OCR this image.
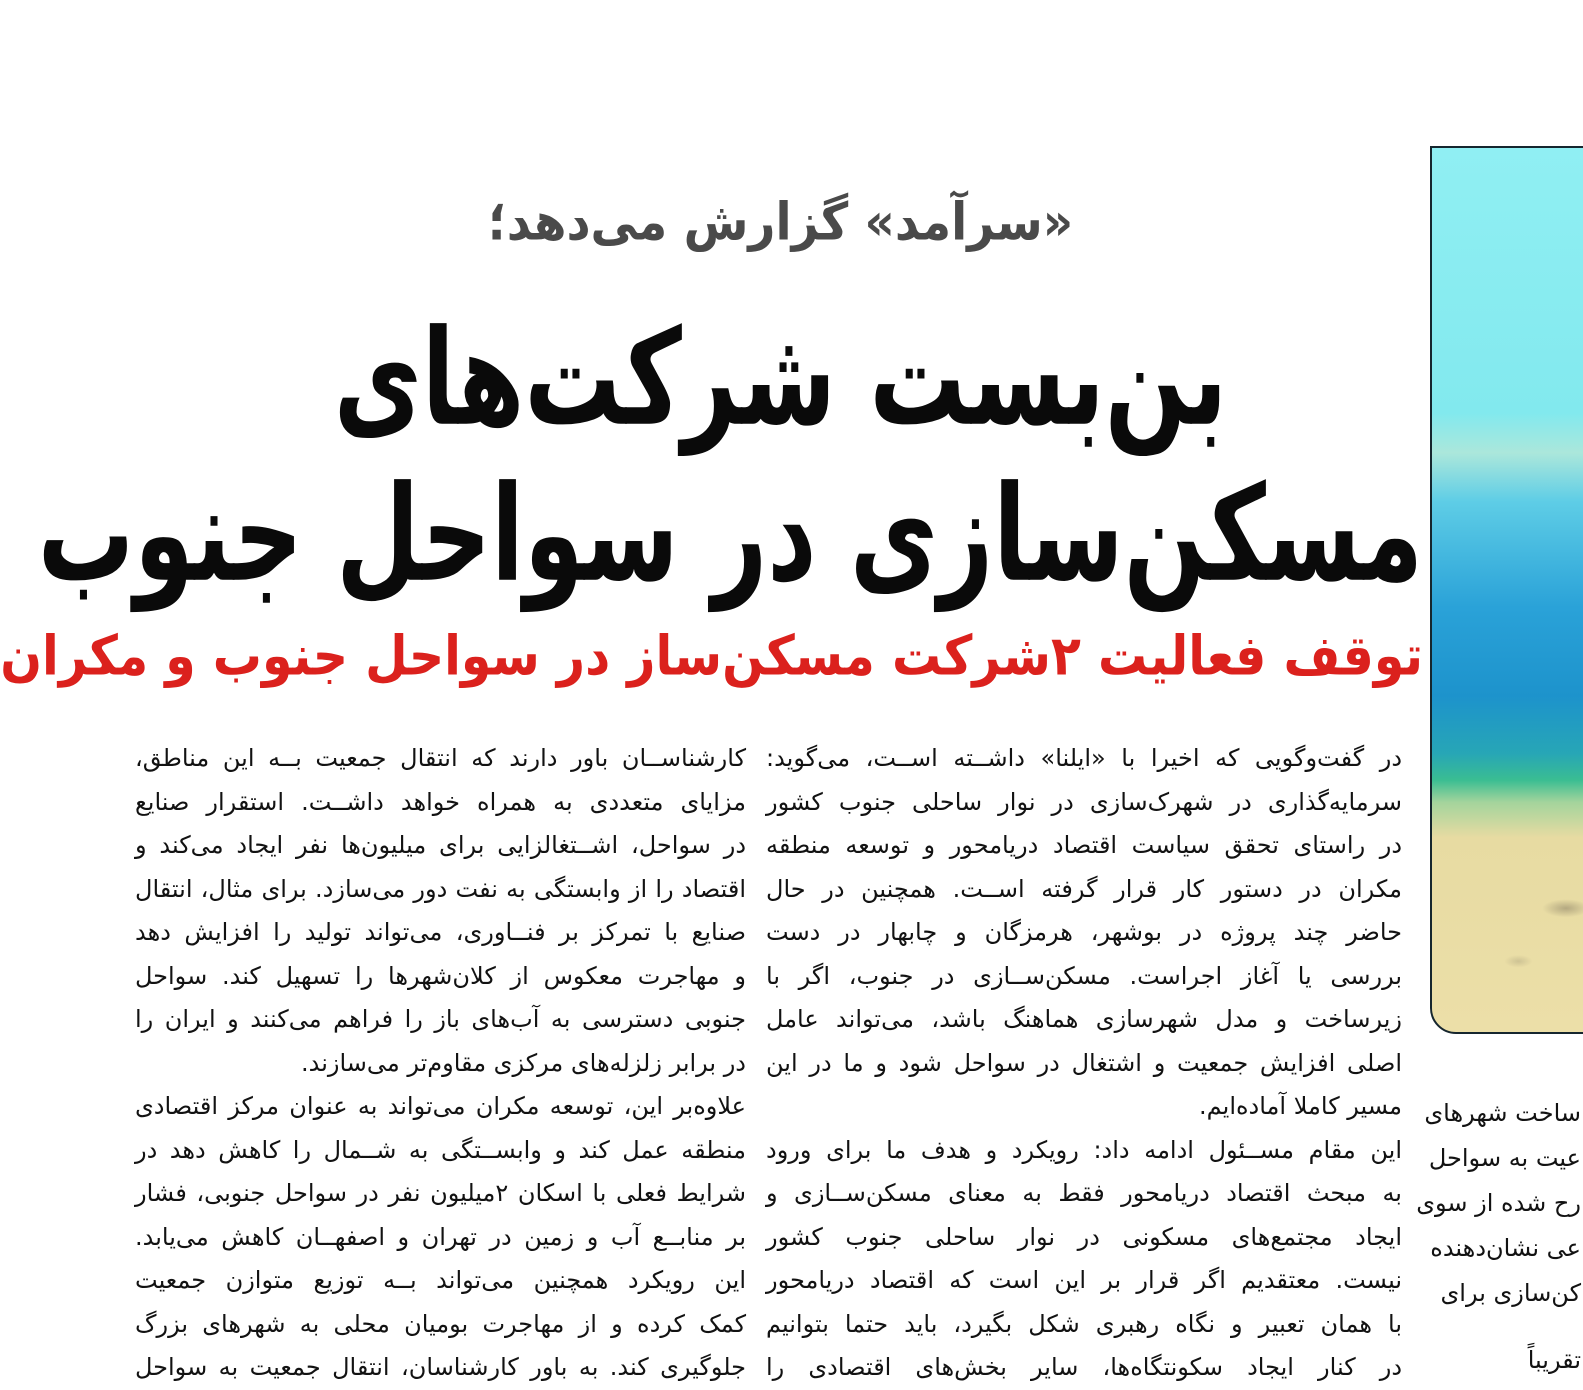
«سرآمد» گزارش می‌دهد؛
بن‌بست شرکت‌های
مسکن‌سازی در سواحل جنوب
توقف فعالیت ۲شرکت مسکن‌ساز در سواحل جنوب و مکران
در گفت‌وگویی که اخیرا با «ایلنا» داشــته اســت، می‌گوید:
سرمایه‌گذاری در شهرک‌سازی در نوار ساحلی جنوب کشور
در راستای تحقق سیاست اقتصاد دریامحور و توسعه منطقه
مکران در دستور کار قرار گرفته اســت. همچنین در حال
حاضر چند پروژه در بوشهر، هرمزگان و چابهار در دست
بررسی یا آغاز اجراست. مسکن‌ســازی در جنوب، اگر با
زیرساخت و مدل شهرسازی هماهنگ باشد، می‌تواند عامل
اصلی افزایش جمعیت و اشتغال در سواحل شود و ما در این
مسیر کاملا آماده‌ایم.
این مقام مســئول ادامه داد: رویکرد و هدف ما برای ورود
به مبحث اقتصاد دریامحور فقط به معنای مسکن‌ســازی و
ایجاد مجتمع‌های مسکونی در نوار ساحلی جنوب کشور
نیست. معتقدیم اگر قرار بر این است که اقتصاد دریامحور
با همان تعبیر و نگاه رهبری شکل بگیرد، باید حتما بتوانیم
در کنار ایجاد سکونتگاه‌ها، سایر بخش‌های اقتصادی را
کارشناســان باور دارند که انتقال جمعیت بــه این مناطق،
مزایای متعددی به همراه خواهد داشــت. استقرار صنایع
در سواحل، اشــتغالزایی برای میلیون‌ها نفر ایجاد می‌کند و
اقتصاد را از وابستگی به نفت دور می‌سازد. برای مثال، انتقال
صنایع با تمرکز بر فنــاوری، می‌تواند تولید را افزایش دهد
و مهاجرت معکوس از کلان‌شهرها را تسهیل کند. سواحل
جنوبی دسترسی به آب‌های باز را فراهم می‌کنند و ایران را
در برابر زلزله‌های مرکزی مقاوم‌تر می‌سازند.
علاوه‌بر این، توسعه مکران می‌تواند به عنوان مرکز اقتصادی
منطقه عمل کند و وابســتگی به شــمال را کاهش دهد در
شرایط فعلی با اسکان ۲میلیون نفر در سواحل جنوبی، فشار
بر منابــع آب و زمین در تهران و اصفهــان کاهش می‌یابد.
این رویکرد همچنین می‌تواند بــه توزیع متوازن جمعیت
کمک کرده و از مهاجرت بومیان محلی به شهرهای بزرگ
جلوگیری کند. به باور کارشناسان، انتقال جمعیت به سواحل
ساخت شهرهای
عیت به سواحل
رح شده از سوی
عی نشان‌دهنده
کن‌سازی برای
تقریباً
